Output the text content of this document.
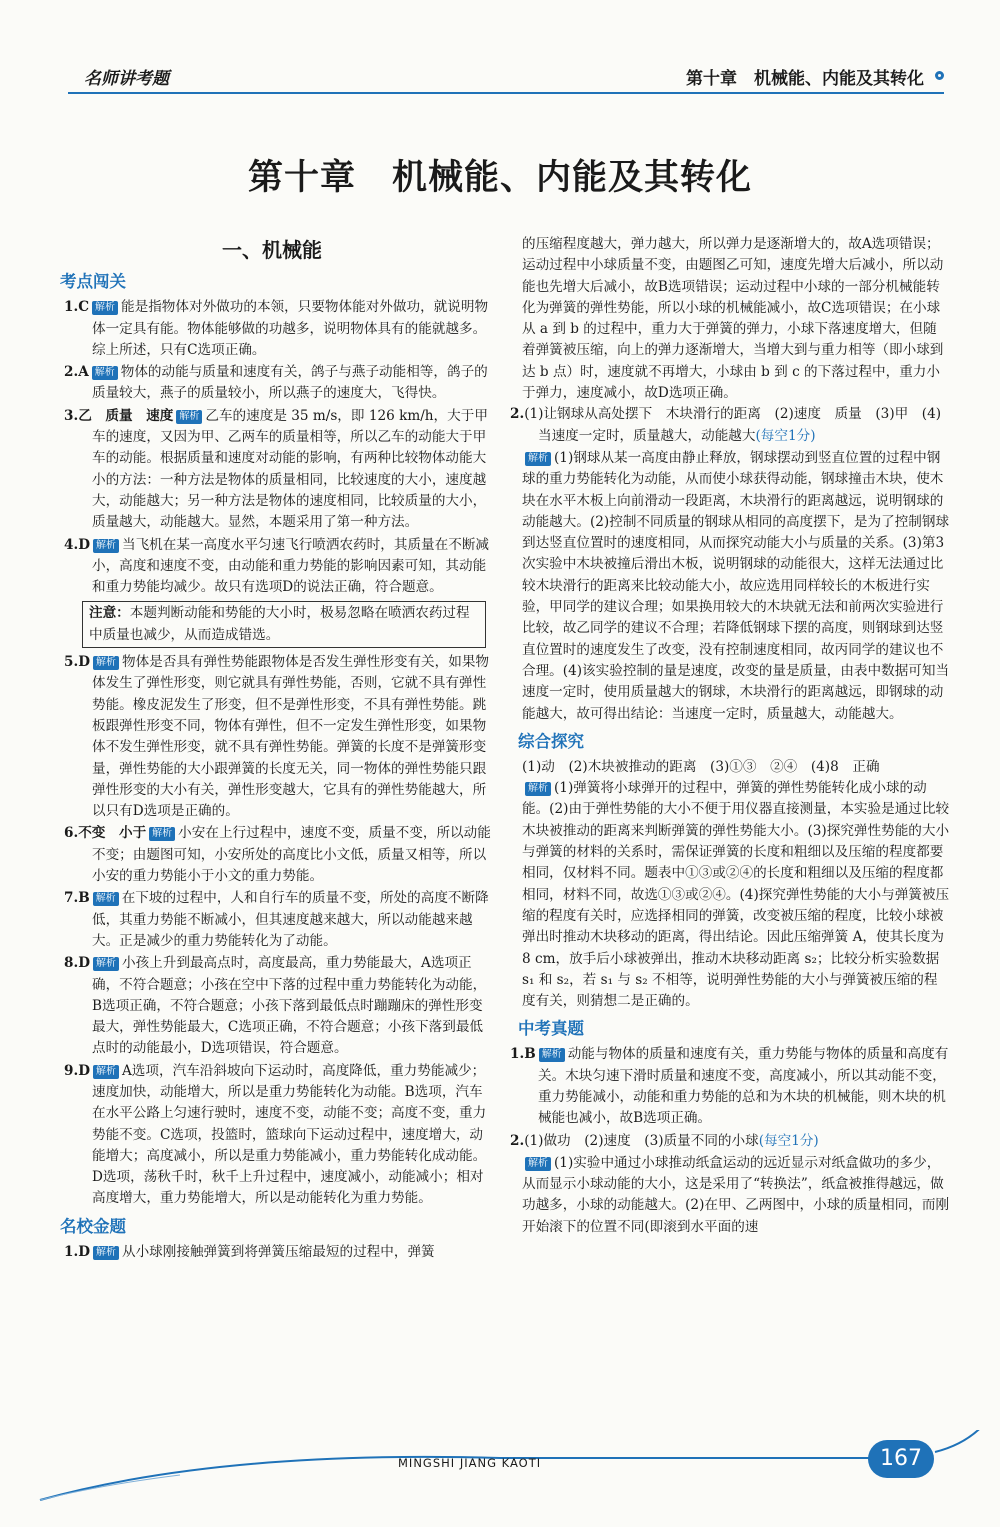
名师讲考题	第十章　机械能、内能及其转化
第十章　机械能、内能及其转化
一、机械能
考点闯关
1.C 解析 能是指物体对外做功的本领，只要物体能对外做功，就说明物体一定具有能。物体能够做的功越多，说明物体具有的能就越多。综上所述，只有C选项正确。
2.A 解析 物体的动能与质量和速度有关，鸽子与燕子动能相等，鸽子的质量较大，燕子的质量较小，所以燕子的速度大，飞得快。
3.乙　质量　速度 解析 乙车的速度是 35 m/s，即 126 km/h，大于甲车的速度，又因为甲、乙两车的质量相等，所以乙车的动能大于甲车的动能。根据质量和速度对动能的影响，有两种比较物体动能大小的方法：一种方法是物体的质量相同，比较速度的大小，速度越大，动能越大；另一种方法是物体的速度相同，比较质量的大小，质量越大，动能越大。显然，本题采用了第一种方法。
4.D 解析 当飞机在某一高度水平匀速飞行喷洒农药时，其质量在不断减小，高度和速度不变，由动能和重力势能的影响因素可知，其动能和重力势能均减少。故只有选项D的说法正确，符合题意。
注意：本题判断动能和势能的大小时，极易忽略在喷洒农药过程中质量也减少，从而造成错选。
5.D 解析 物体是否具有弹性势能跟物体是否发生弹性形变有关，如果物体发生了弹性形变，则它就具有弹性势能，否则，它就不具有弹性势能。橡皮泥发生了形变，但不是弹性形变，不具有弹性势能。跳板跟弹性形变不同，物体有弹性，但不一定发生弹性形变，如果物体不发生弹性形变，就不具有弹性势能。弹簧的长度不是弹簧形变量，弹性势能的大小跟弹簧的长度无关，同一物体的弹性势能只跟弹性形变的大小有关，弹性形变越大，它具有的弹性势能越大，所以只有D选项是正确的。
6.不变　小于 解析 小安在上行过程中，速度不变，质量不变，所以动能不变；由题图可知，小安所处的高度比小文低，质量又相等，所以小安的重力势能小于小文的重力势能。
7.B 解析 在下坡的过程中，人和自行车的质量不变，所处的高度不断降低，其重力势能不断减小，但其速度越来越大，所以动能越来越大。正是减少的重力势能转化为了动能。
8.D 解析 小孩上升到最高点时，高度最高，重力势能最大，A选项正确，不符合题意；小孩在空中下落的过程中重力势能转化为动能，B选项正确，不符合题意；小孩下落到最低点时蹦蹦床的弹性形变最大，弹性势能最大，C选项正确，不符合题意；小孩下落到最低点时的动能最小，D选项错误，符合题意。
9.D 解析 A选项，汽车沿斜坡向下运动时，高度降低，重力势能减少；速度加快，动能增大，所以是重力势能转化为动能。B选项，汽车在水平公路上匀速行驶时，速度不变，动能不变；高度不变，重力势能不变。C选项，投篮时，篮球向下运动过程中，速度增大，动能增大；高度减小，所以是重力势能减小，重力势能转化成动能。D选项，荡秋千时，秋千上升过程中，速度减小，动能减小；相对高度增大，重力势能增大，所以是动能转化为重力势能。
名校金题
1.D 解析 从小球刚接触弹簧到将弹簧压缩最短的过程中，弹簧
的压缩程度越大，弹力越大，所以弹力是逐渐增大的，故A选项错误；运动过程中小球质量不变，由题图乙可知，速度先增大后减小，所以动能也先增大后减小，故B选项错误；运动过程中小球的一部分机械能转化为弹簧的弹性势能，所以小球的机械能减小，故C选项错误；在小球从 a 到 b 的过程中，重力大于弹簧的弹力，小球下落速度增大，但随着弹簧被压缩，向上的弹力逐渐增大，当增大到与重力相等（即小球到达 b 点）时，速度就不再增大，小球由 b 到 c 的下落过程中，重力小于弹力，速度减小，故D选项正确。
2.(1)让钢球从高处摆下　木块滑行的距离　(2)速度　质量　(3)甲　(4)当速度一定时，质量越大，动能越大(每空1分)
解析 (1)钢球从某一高度由静止释放，钢球摆动到竖直位置的过程中钢球的重力势能转化为动能，从而使小球获得动能，钢球撞击木块，使木块在水平木板上向前滑动一段距离，木块滑行的距离越远，说明钢球的动能越大。(2)控制不同质量的钢球从相同的高度摆下，是为了控制钢球到达竖直位置时的速度相同，从而探究动能大小与质量的关系。(3)第3次实验中木块被撞后滑出木板，说明钢球的动能很大，这样无法通过比较木块滑行的距离来比较动能大小，故应选用同样较长的木板进行实验，甲同学的建议合理；如果换用较大的木块就无法和前两次实验进行比较，故乙同学的建议不合理；若降低钢球下摆的高度，则钢球到达竖直位置时的速度发生了改变，没有控制速度相同，故丙同学的建议也不合理。(4)该实验控制的量是速度，改变的量是质量，由表中数据可知当速度一定时，使用质量越大的钢球，木块滑行的距离越远，即钢球的动能越大，故可得出结论：当速度一定时，质量越大，动能越大。
综合探究
(1)动　(2)木块被推动的距离　(3)①③　②④　(4)8　正确
解析 (1)弹簧将小球弹开的过程中，弹簧的弹性势能转化成小球的动能。(2)由于弹性势能的大小不便于用仪器直接测量，本实验是通过比较木块被推动的距离来判断弹簧的弹性势能大小。(3)探究弹性势能的大小与弹簧的材料的关系时，需保证弹簧的长度和粗细以及压缩的程度都要相同，仅材料不同。题表中①③或②④的长度和粗细以及压缩的程度都相同，材料不同，故选①③或②④。(4)探究弹性势能的大小与弹簧被压缩的程度有关时，应选择相同的弹簧，改变被压缩的程度，比较小球被弹出时推动木块移动的距离，得出结论。因此压缩弹簧 A，使其长度为 8 cm，放手后小球被弹出，推动木块移动距离 s₂；比较分析实验数据 s₁ 和 s₂，若 s₁ 与 s₂ 不相等，说明弹性势能的大小与弹簧被压缩的程度有关，则猜想二是正确的。
中考真题
1.B 解析 动能与物体的质量和速度有关，重力势能与物体的质量和高度有关。木块匀速下滑时质量和速度不变，高度减小，所以其动能不变，重力势能减小，动能和重力势能的总和为木块的机械能，则木块的机械能也减小，故B选项正确。
2.(1)做功　(2)速度　(3)质量不同的小球(每空1分)
解析 (1)实验中通过小球推动纸盒运动的远近显示对纸盒做功的多少，从而显示小球动能的大小，这是采用了“转换法”，纸盒被推得越远，做功越多，小球的动能越大。(2)在甲、乙两图中，小球的质量相同，而刚开始滚下的位置不同(即滚到水平面的速
MINGSHI JIANG KAOTI	167
